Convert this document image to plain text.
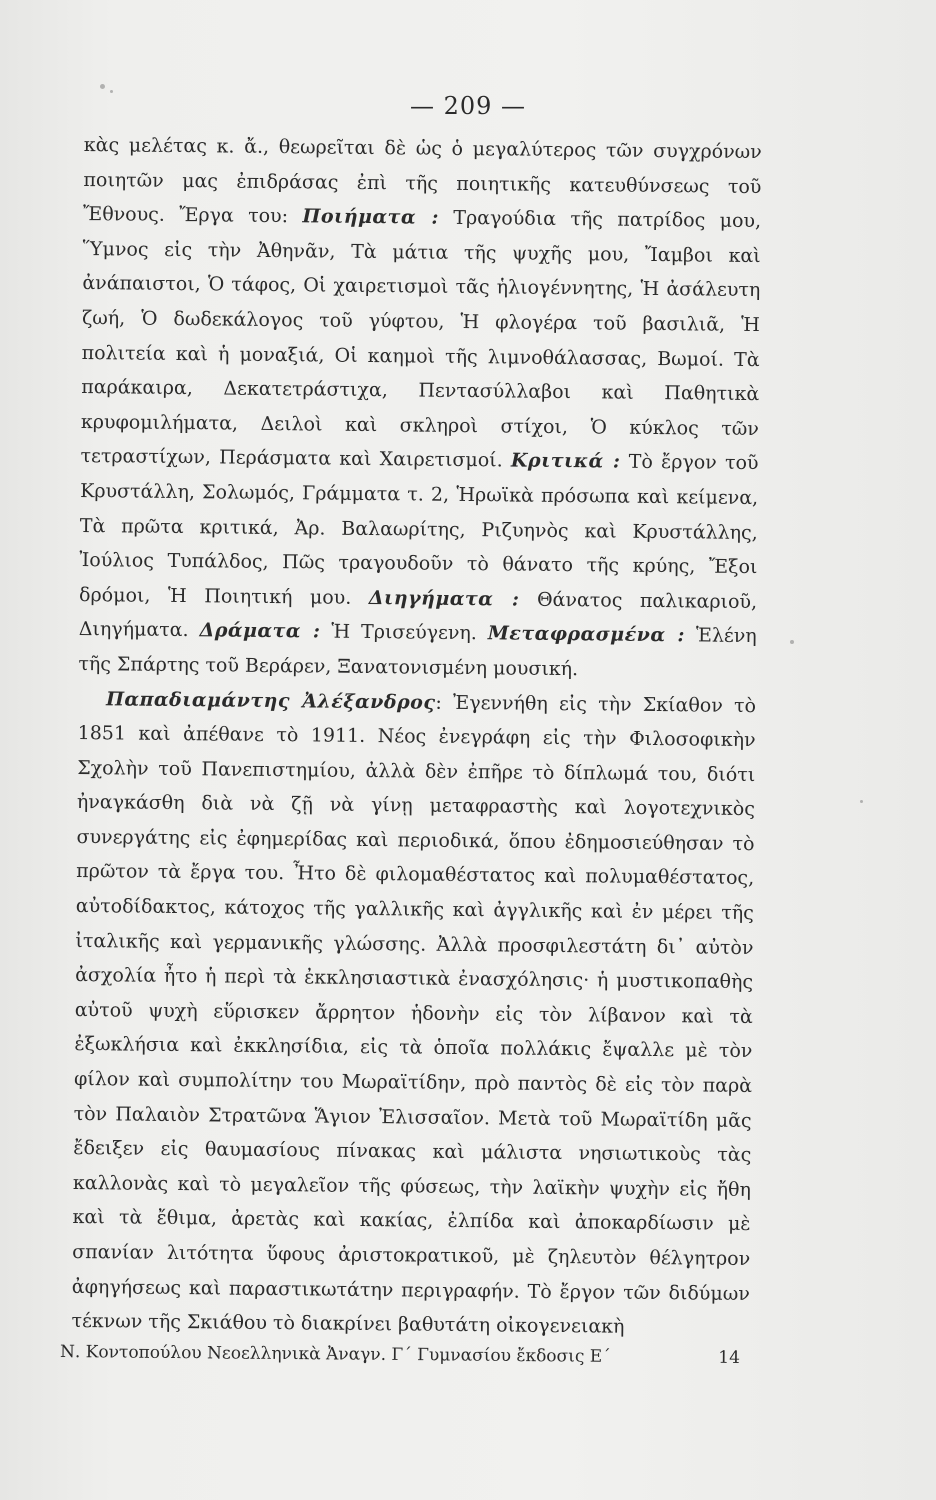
— 209 —

κὰς μελέτας κ. ἄ., θεωρεῖται δὲ ὡς ὁ μεγαλύτερος τῶν συγχρόνων ποιητῶν μας ἐπιδράσας ἐπὶ τῆς ποιητικῆς κατευθύνσεως τοῦ Ἔθνους. Ἔργα του: Ποιήματα : Τραγούδια τῆς πατρίδος μου, Ὕμνος εἰς τὴν Ἀθηνᾶν, Τὰ μάτια τῆς ψυχῆς μου, Ἴαμβοι καὶ ἀνάπαιστοι, Ὁ τάφος, Οἱ χαιρετισμοὶ τᾶς ἡλιογέννητης, Ἡ ἀσάλευτη ζωή, Ὁ δωδεκάλογος τοῦ γύφτου, Ἡ φλογέρα τοῦ βασιλιᾶ, Ἡ πολιτεία καὶ ἡ μοναξιά, Οἱ καημοὶ τῆς λιμνοθάλασσας, Βωμοί. Τὰ παράκαιρα, Δεκατετράστιχα, Πεντασύλλαβοι καὶ Παθητικὰ κρυφομιλήματα, Δειλοὶ καὶ σκληροὶ στίχοι, Ὁ κύκλος τῶν τετραστίχων, Περάσματα καὶ Χαιρετισμοί. Κριτικά : Τὸ ἔργον τοῦ Κρυστάλλη, Σολωμός, Γράμματα τ. 2, Ἡρωϊκὰ πρόσωπα καὶ κείμενα, Τὰ πρῶτα κριτικά, Ἀρ. Βαλαωρίτης, Ριζυηνὸς καὶ Κρυστάλλης, Ἰούλιος Τυπάλδος, Πῶς τραγουδοῦν τὸ θάνατο τῆς κρύης, Ἔξοι δρόμοι, Ἡ Ποιητική μου. Διηγήματα : Θάνατος παλικαριοῦ, Διηγήματα. Δράματα : Ἡ Τρισεύγενη. Μεταφρασμένα : Ἑλένη τῆς Σπάρτης τοῦ Βεράρεν, Ξανατονισμένη μουσική.

Παπαδιαμάντης Ἀλέξανδρος: Ἐγεννήθη εἰς τὴν Σκίαθον τὸ 1851 καὶ ἀπέθανε τὸ 1911. Νέος ἐνεγράφη εἰς τὴν Φιλοσοφικὴν Σχολὴν τοῦ Πανεπιστημίου, ἀλλὰ δὲν ἐπῆρε τὸ δίπλωμά του, διότι ἠναγκάσθη διὰ νὰ ζῇ νὰ γίνῃ μεταφραστὴς καὶ λογοτεχνικὸς συνεργάτης εἰς ἐφημερίδας καὶ περιοδικά, ὅπου ἐδημοσιεύθησαν τὸ πρῶτον τὰ ἔργα του. Ἦτο δὲ φιλομαθέστατος καὶ πολυμαθέστατος, αὐτοδίδακτος, κάτοχος τῆς γαλλικῆς καὶ ἀγγλικῆς καὶ ἐν μέρει τῆς ἰταλικῆς καὶ γερμανικῆς γλώσσης. Ἀλλὰ προσφιλεστάτη δι᾿ αὐτὸν ἀσχολία ἦτο ἡ περὶ τὰ ἐκκλησιαστικὰ ἐνασχόλησις· ἡ μυστικοπαθὴς αὐτοῦ ψυχὴ εὕρισκεν ἄρρητον ἡδονὴν εἰς τὸν λίβανον καὶ τὰ ἐξωκλήσια καὶ ἐκκλησίδια, εἰς τὰ ὁποῖα πολλάκις ἔψαλλε μὲ τὸν φίλον καὶ συμπολίτην του Μωραϊτίδην, πρὸ παντὸς δὲ εἰς τὸν παρὰ τὸν Παλαιὸν Στρατῶνα Ἅγιον Ἐλισσαῖον. Μετὰ τοῦ Μωραϊτίδη μᾶς ἔδειξεν εἰς θαυμασίους πίνακας καὶ μάλιστα νησιωτικοὺς τὰς καλλονὰς καὶ τὸ μεγαλεῖον τῆς φύσεως, τὴν λαϊκὴν ψυχὴν εἰς ἤθη καὶ τὰ ἔθιμα, ἀρετὰς καὶ κακίας, ἐλπίδα καὶ ἀποκαρδίωσιν μὲ σπανίαν λιτότητα ὕφους ἀριστοκρατικοῦ, μὲ ζηλευτὸν θέλγητρον ἀφηγήσεως καὶ παραστικωτάτην περιγραφήν. Τὸ ἔργον τῶν διδύμων τέκνων τῆς Σκιάθου τὸ διακρίνει βαθυτάτη οἰκογενειακὴ

Ν. Κοντοπούλου Νεοελληνικὰ Ἀναγν. Γ΄ Γυμνασίου ἔκδοσις Ε΄	14
